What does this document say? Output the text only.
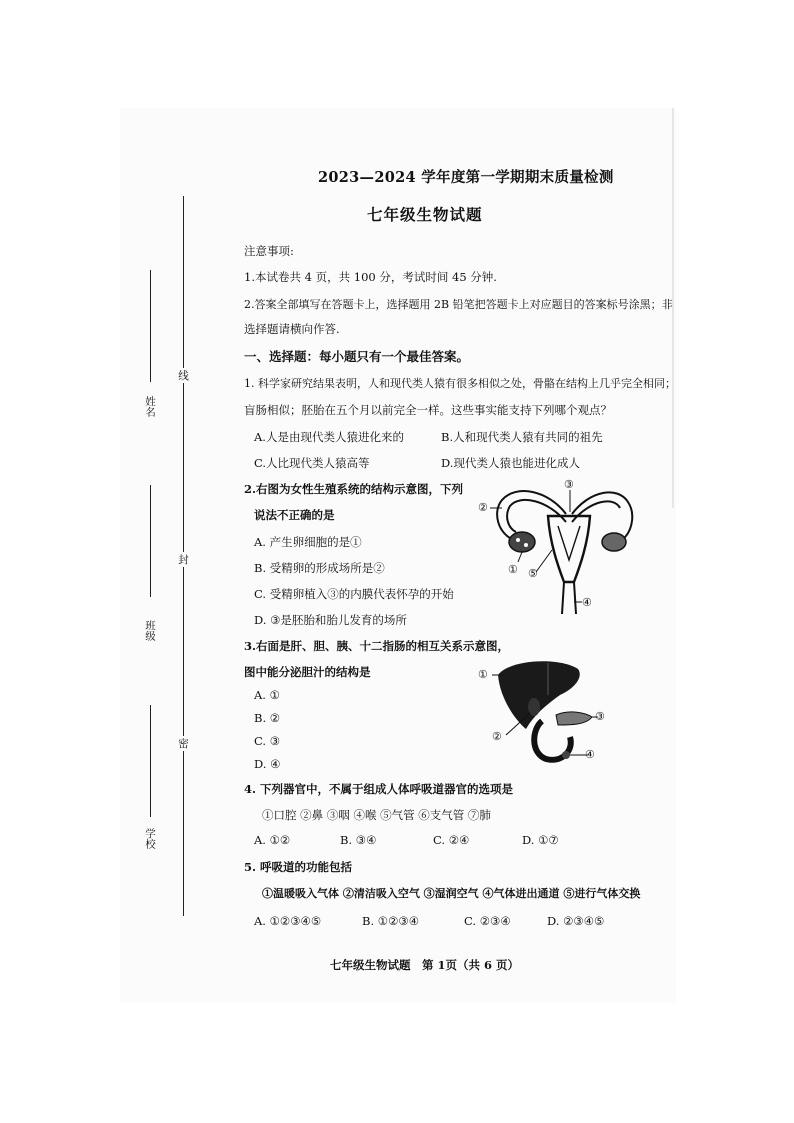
线
封
密
姓名
班级
学校
2023—2024 学年度第一学期期末质量检测
七年级生物试题
注意事项:
1.本试卷共 4 页，共 100 分，考试时间 45 分钟.
2.答案全部填写在答题卡上，选择题用 2B 铅笔把答题卡上对应题目的答案标号涂黑；非
选择题请横向作答.
一、选择题：每小题只有一个最佳答案。
1. 科学家研究结果表明，人和现代类人猿有很多相似之处，骨骼在结构上几乎完全相同；
盲肠相似；胚胎在五个月以前完全一样。这些事实能支持下列哪个观点？
A.人是由现代类人猿进化来的	B.人和现代类人猿有共同的祖先
C.人比现代类人猿高等	D.现代类人猿也能进化成人
2.右图为女性生殖系统的结构示意图，下列
说法不正确的是
A. 产生卵细胞的是①
B. 受精卵的形成场所是②
C. 受精卵植入③的内膜代表怀孕的开始
D. ③是胚胎和胎儿发育的场所
②
③
① ⑤
④
3.右面是肝、胆、胰、十二指肠的相互关系示意图，
图中能分泌胆汁的结构是
A. ①
B. ②
C. ③
D. ④
①
③
②
④
4. 下列器官中，不属于组成人体呼吸道器官的选项是
①口腔 ②鼻 ③咽 ④喉 ⑤气管 ⑥支气管 ⑦肺
A. ①②	B. ③④	C. ②④	D. ①⑦
5. 呼吸道的功能包括
①温暖吸入气体 ②清洁吸入空气 ③湿润空气 ④气体进出通道 ⑤进行气体交换
A. ①②③④⑤	B. ①②③④	C. ②③④	D. ②③④⑤
七年级生物试题　第 1页（共 6 页）
